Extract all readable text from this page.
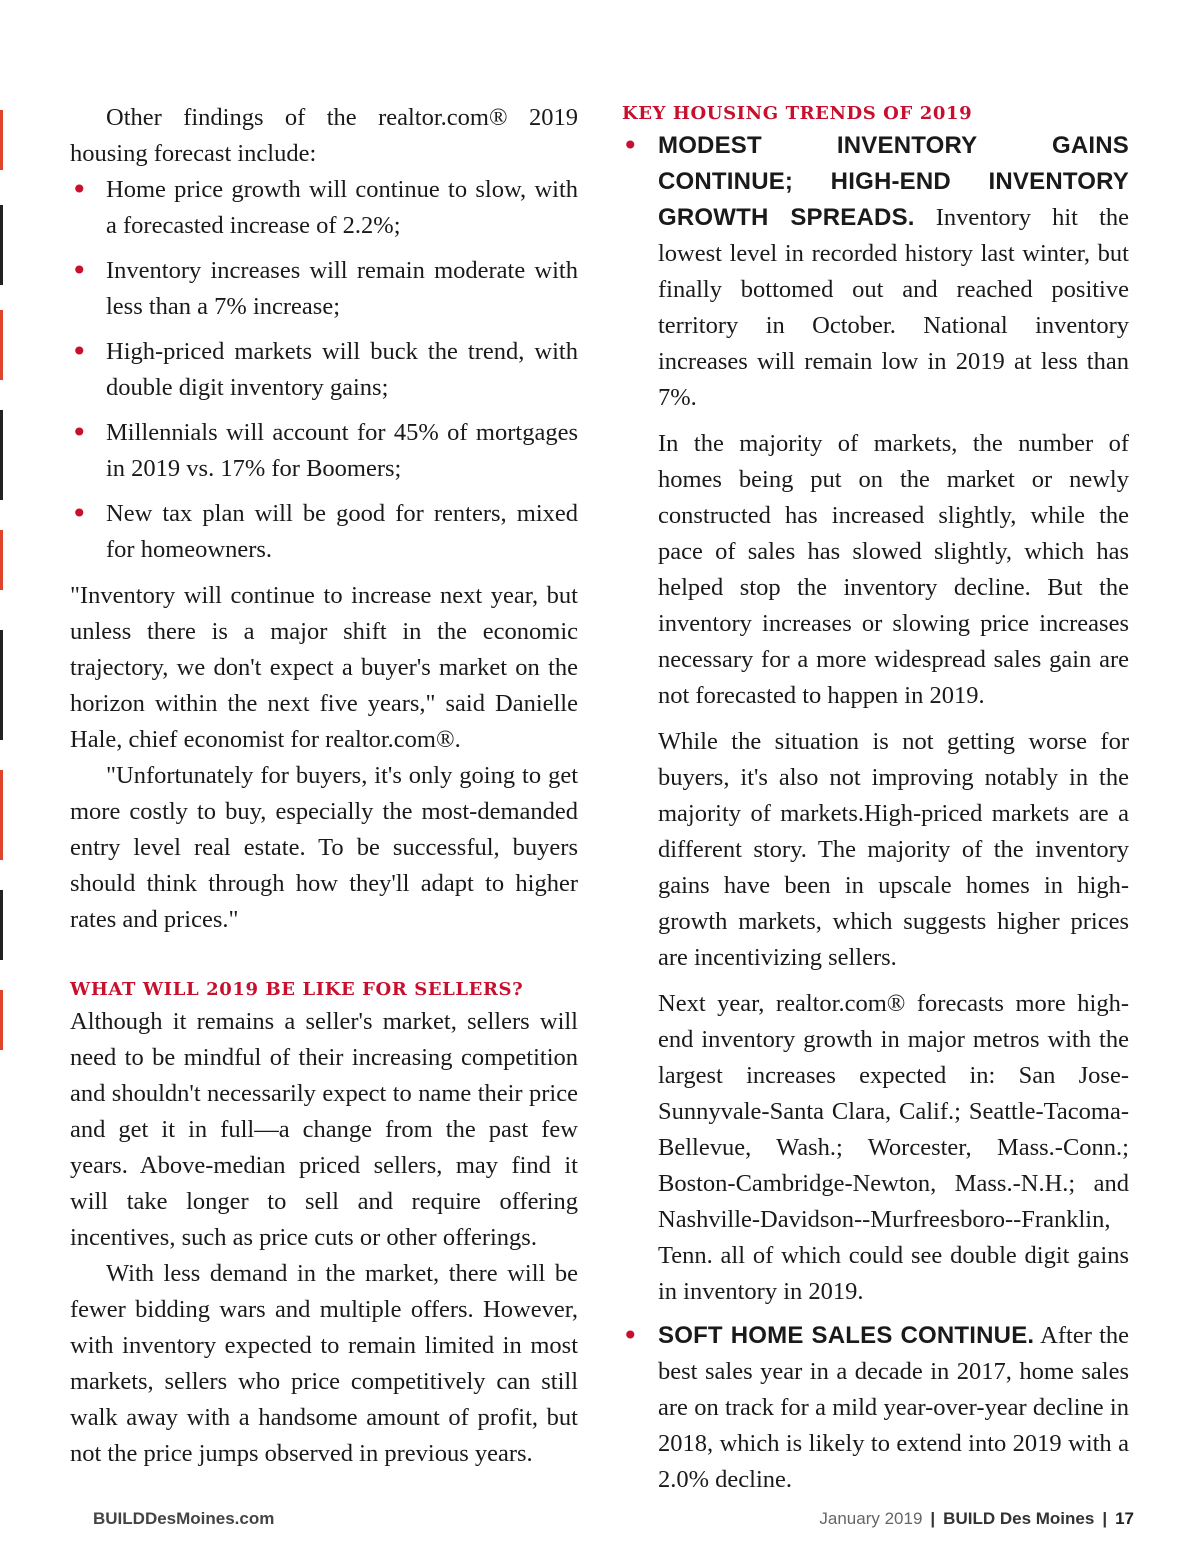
Other findings of the realtor.com® 2019 housing forecast include:

• Home price growth will continue to slow, with a forecasted increase of 2.2%;
• Inventory increases will remain moderate with less than a 7% increase;
• High-priced markets will buck the trend, with double digit inventory gains;
• Millennials will account for 45% of mortgages in 2019 vs. 17% for Boomers;
• New tax plan will be good for renters, mixed for homeowners.

"Inventory will continue to increase next year, but unless there is a major shift in the economic trajectory, we don't expect a buyer's market on the horizon within the next five years," said Danielle Hale, chief economist for realtor.com®.

"Unfortunately for buyers, it's only going to get more costly to buy, especially the most-demanded entry level real estate. To be successful, buyers should think through how they'll adapt to higher rates and prices."

WHAT WILL 2019 BE LIKE FOR SELLERS?

Although it remains a seller's market, sellers will need to be mindful of their increasing competition and shouldn't necessarily expect to name their price and get it in full—a change from the past few years. Above-median priced sellers, may find it will take longer to sell and require offering incentives, such as price cuts or other offerings.

With less demand in the market, there will be fewer bidding wars and multiple offers. However, with inventory expected to remain limited in most markets, sellers who price competitively can still walk away with a handsome amount of profit, but not the price jumps observed in previous years.

KEY HOUSING TRENDS OF 2019
• MODEST INVENTORY GAINS CONTINUE; HIGH-END INVENTORY GROWTH SPREADS. Inventory hit the lowest level in recorded history last winter, but finally bottomed out and reached positive territory in October. National inventory increases will remain low in 2019 at less than 7%.

In the majority of markets, the number of homes being put on the market or newly constructed has increased slightly, while the pace of sales has slowed slightly, which has helped stop the inventory decline. But the inventory increases or slowing price increases necessary for a more widespread sales gain are not forecasted to happen in 2019.

While the situation is not getting worse for buyers, it's also not improving notably in the majority of markets.High-priced markets are a different story. The majority of the inventory gains have been in upscale homes in high-growth markets, which suggests higher prices are incentivizing sellers.

Next year, realtor.com® forecasts more high-end inventory growth in major metros with the largest increases expected in: San Jose-Sunnyvale-Santa Clara, Calif.; Seattle-Tacoma-Bellevue, Wash.; Worcester, Mass.-Conn.; Boston-Cambridge-Newton, Mass.-N.H.; and Nashville-Davidson--Murfreesboro--Franklin, Tenn. all of which could see double digit gains in inventory in 2019.

• SOFT HOME SALES CONTINUE. After the best sales year in a decade in 2017, home sales are on track for a mild year-over-year decline in 2018, which is likely to extend into 2019 with a 2.0% decline.

BUILDDesMoines.com	January 2019 | BUILD Des Moines | 17
